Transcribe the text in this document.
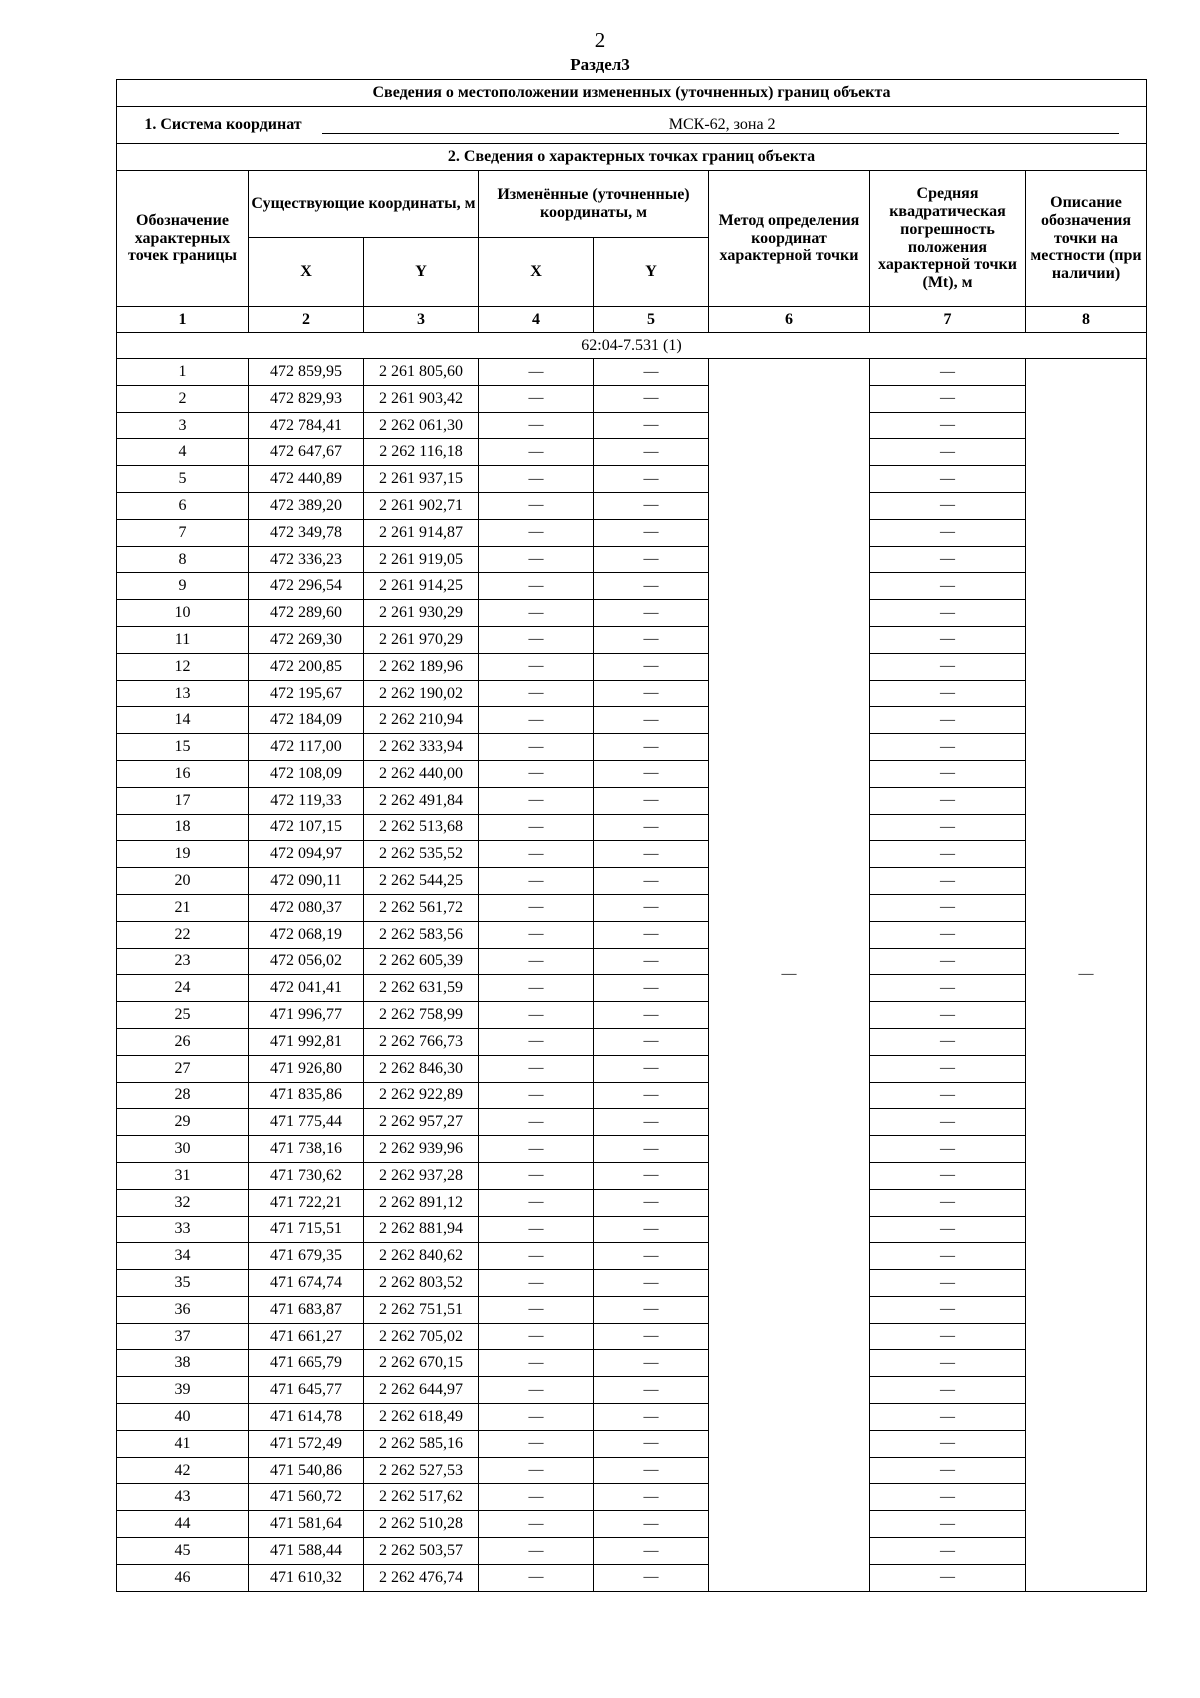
2
Раздел3
Сведения о местоположении измененных (уточненных) границ объекта							
1. Система координат МСК-62, зона 2							
2. Сведения о характерных точках границ объекта							
Обозначение характерных точек границы	Существующие координаты, м		Изменённые (уточненные) координаты, м		Метод определения координат характерной точки	Средняя квадратическая погрешность положения характерной точки (Mt), м	Описание обозначения точки на местности (при наличии)
	X	Y	X	Y			
1	2	3	4	5	6	7	8
62:04-7.531 (1)							
1	472 859,95	2 261 805,60	—	—	—	—	—
2	472 829,93	2 261 903,42	—	—		—	
3	472 784,41	2 262 061,30	—	—		—	
4	472 647,67	2 262 116,18	—	—		—	
5	472 440,89	2 261 937,15	—	—		—	
6	472 389,20	2 261 902,71	—	—		—	
7	472 349,78	2 261 914,87	—	—		—	
8	472 336,23	2 261 919,05	—	—		—	
9	472 296,54	2 261 914,25	—	—		—	
10	472 289,60	2 261 930,29	—	—		—	
11	472 269,30	2 261 970,29	—	—		—	
12	472 200,85	2 262 189,96	—	—		—	
13	472 195,67	2 262 190,02	—	—		—	
14	472 184,09	2 262 210,94	—	—		—	
15	472 117,00	2 262 333,94	—	—		—	
16	472 108,09	2 262 440,00	—	—		—	
17	472 119,33	2 262 491,84	—	—		—	
18	472 107,15	2 262 513,68	—	—		—	
19	472 094,97	2 262 535,52	—	—		—	
20	472 090,11	2 262 544,25	—	—		—	
21	472 080,37	2 262 561,72	—	—		—	
22	472 068,19	2 262 583,56	—	—		—	
23	472 056,02	2 262 605,39	—	—		—	
24	472 041,41	2 262 631,59	—	—		—	
25	471 996,77	2 262 758,99	—	—		—	
26	471 992,81	2 262 766,73	—	—		—	
27	471 926,80	2 262 846,30	—	—		—	
28	471 835,86	2 262 922,89	—	—		—	
29	471 775,44	2 262 957,27	—	—		—	
30	471 738,16	2 262 939,96	—	—		—	
31	471 730,62	2 262 937,28	—	—		—	
32	471 722,21	2 262 891,12	—	—		—	
33	471 715,51	2 262 881,94	—	—		—	
34	471 679,35	2 262 840,62	—	—		—	
35	471 674,74	2 262 803,52	—	—		—	
36	471 683,87	2 262 751,51	—	—		—	
37	471 661,27	2 262 705,02	—	—		—	
38	471 665,79	2 262 670,15	—	—		—	
39	471 645,77	2 262 644,97	—	—		—	
40	471 614,78	2 262 618,49	—	—		—	
41	471 572,49	2 262 585,16	—	—		—	
42	471 540,86	2 262 527,53	—	—		—	
43	471 560,72	2 262 517,62	—	—		—	
44	471 581,64	2 262 510,28	—	—		—	
45	471 588,44	2 262 503,57	—	—		—	
46	471 610,32	2 262 476,74	—	—		—	
